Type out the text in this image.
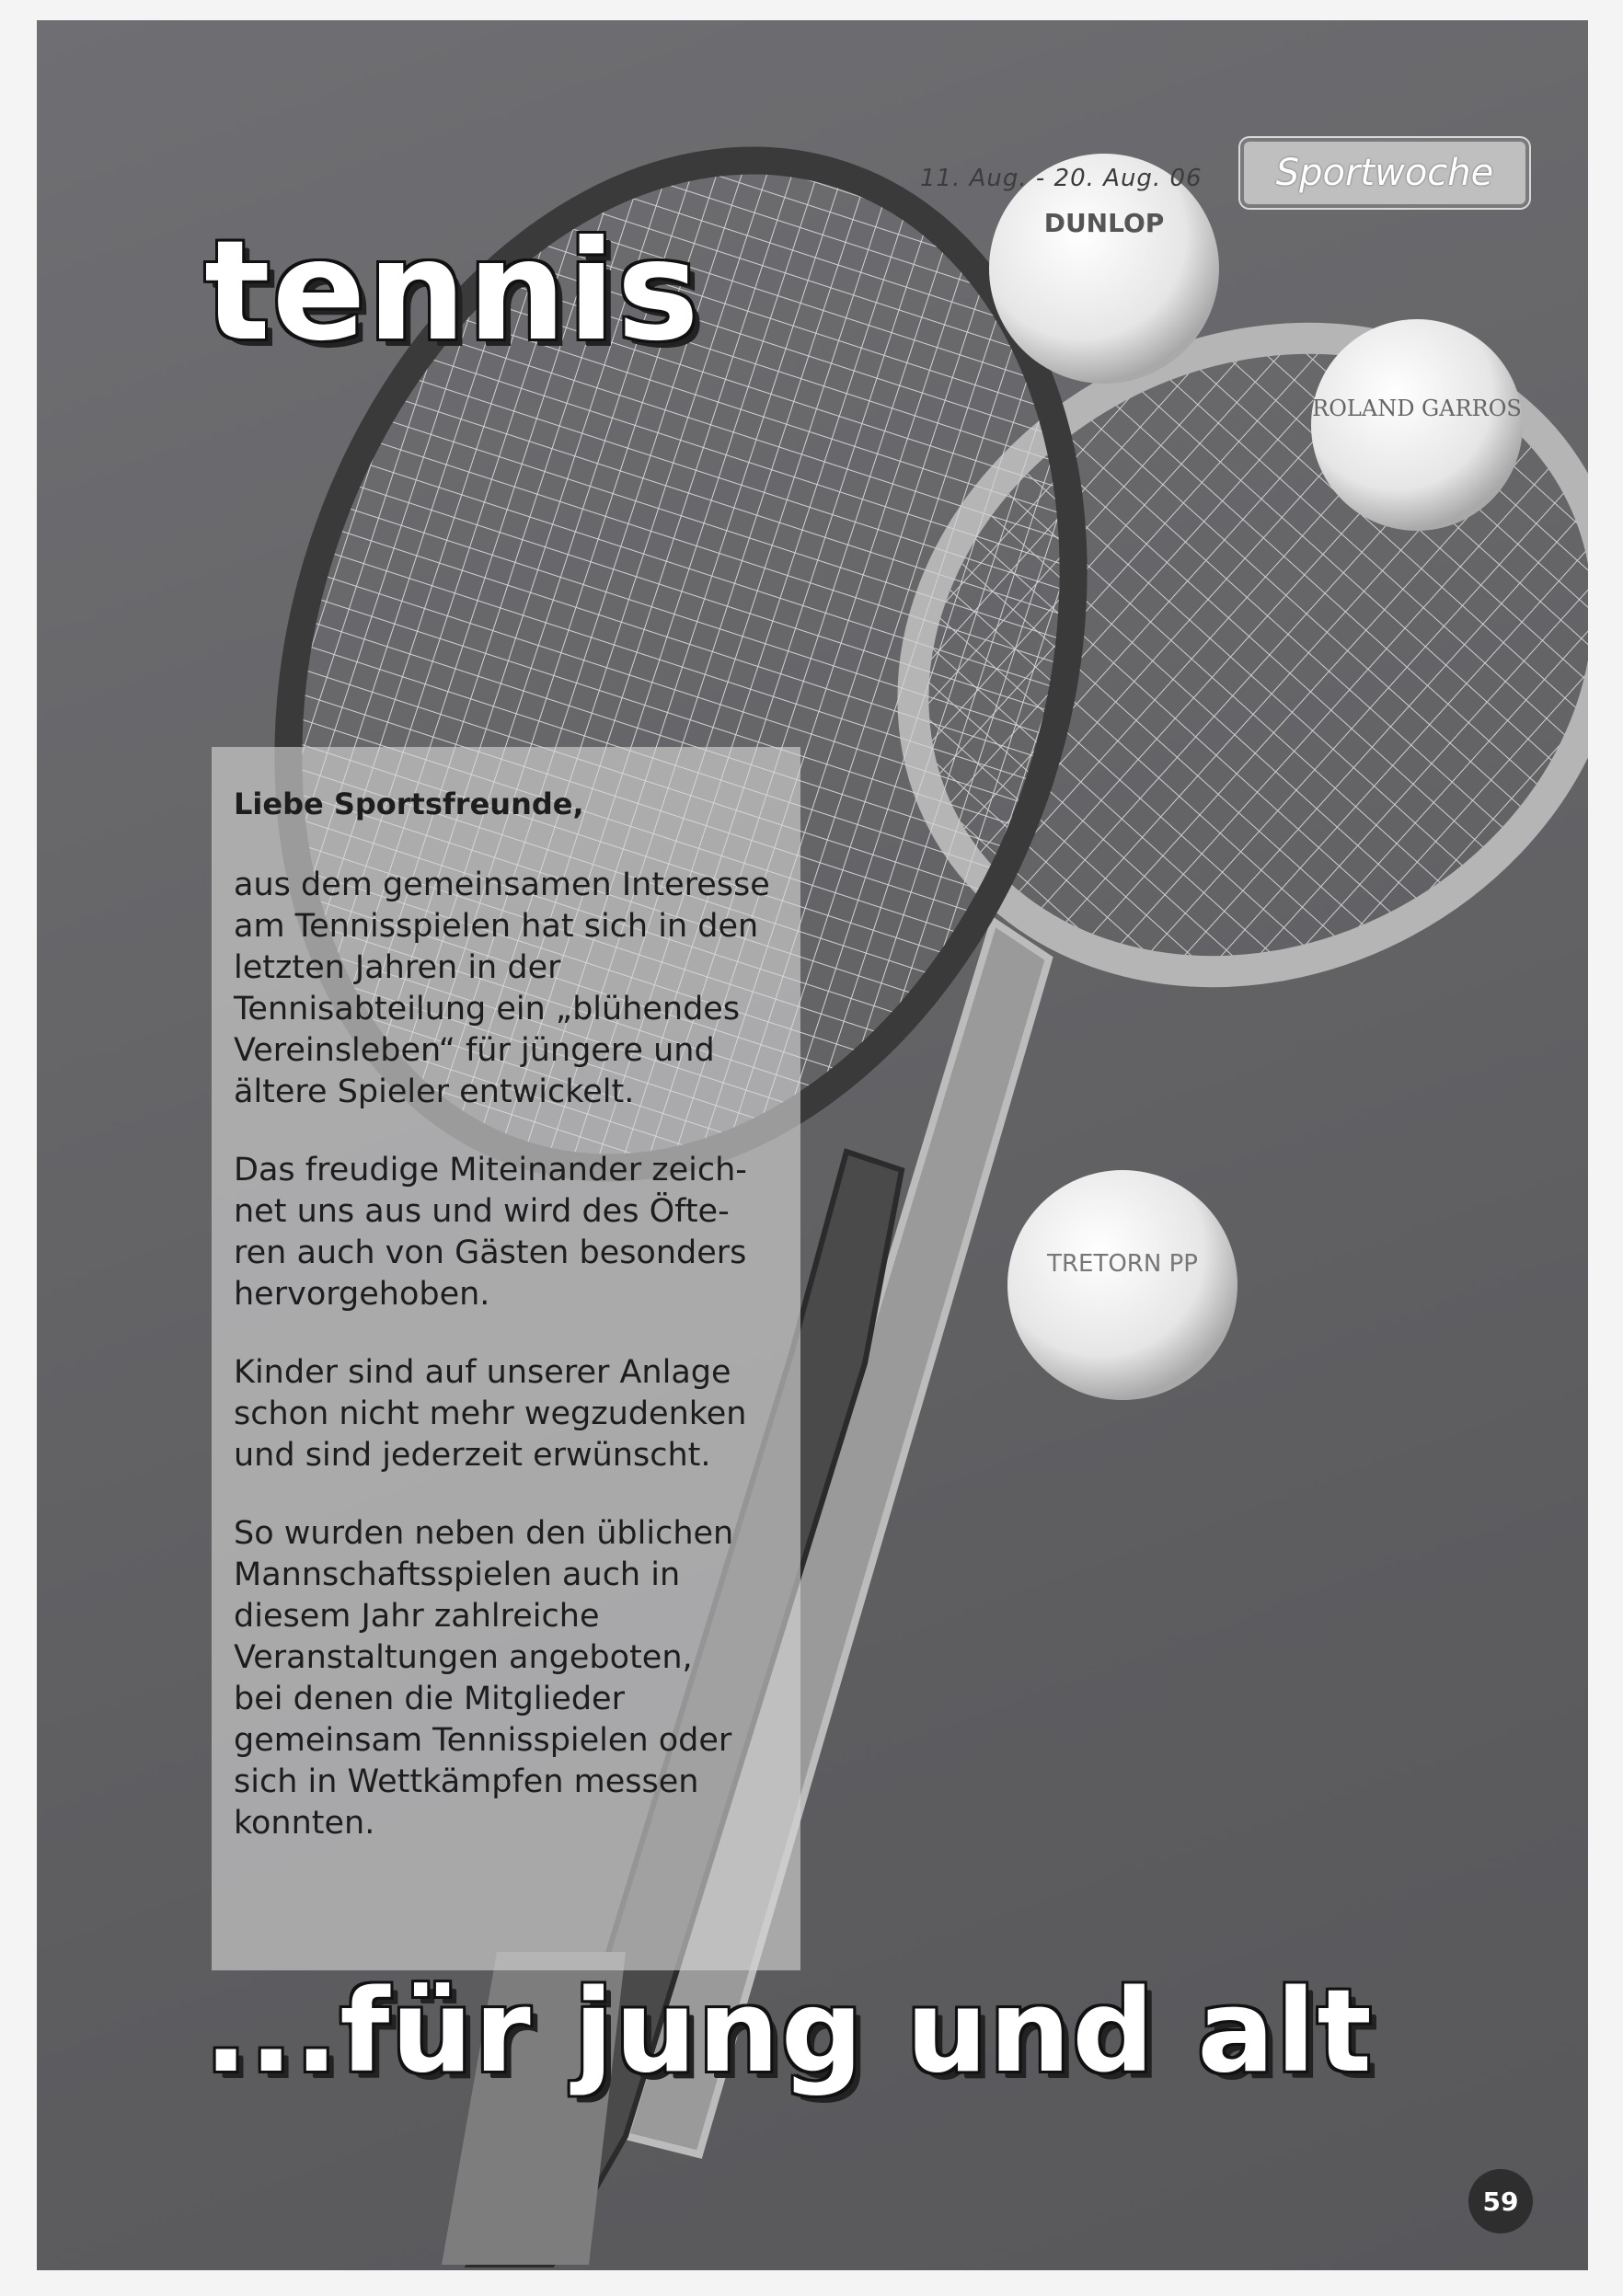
DUNLOP
ROLAND GARROS
TRETORN PP
11. Aug. - 20. Aug. 06	Sportwoche
tennis

Liebe Sportsfreunde,

aus dem gemeinsamen Interesse
am Tennisspielen hat sich in den
letzten Jahren in der
Tennisabteilung ein „blühendes
Vereinsleben“ für jüngere und
ältere Spieler entwickelt.

Das freudige Miteinander zeich-
net uns aus und wird des Öfte-
ren auch von Gästen besonders
hervorgehoben.

Kinder sind auf unserer Anlage
schon nicht mehr wegzudenken
und sind jederzeit erwünscht.

So wurden neben den üblichen
Mannschaftsspielen auch in
diesem Jahr zahlreiche
Veranstaltungen angeboten,
bei denen die Mitglieder
gemeinsam Tennisspielen oder
sich in Wettkämpfen messen
konnten.

...für jung und alt
59
